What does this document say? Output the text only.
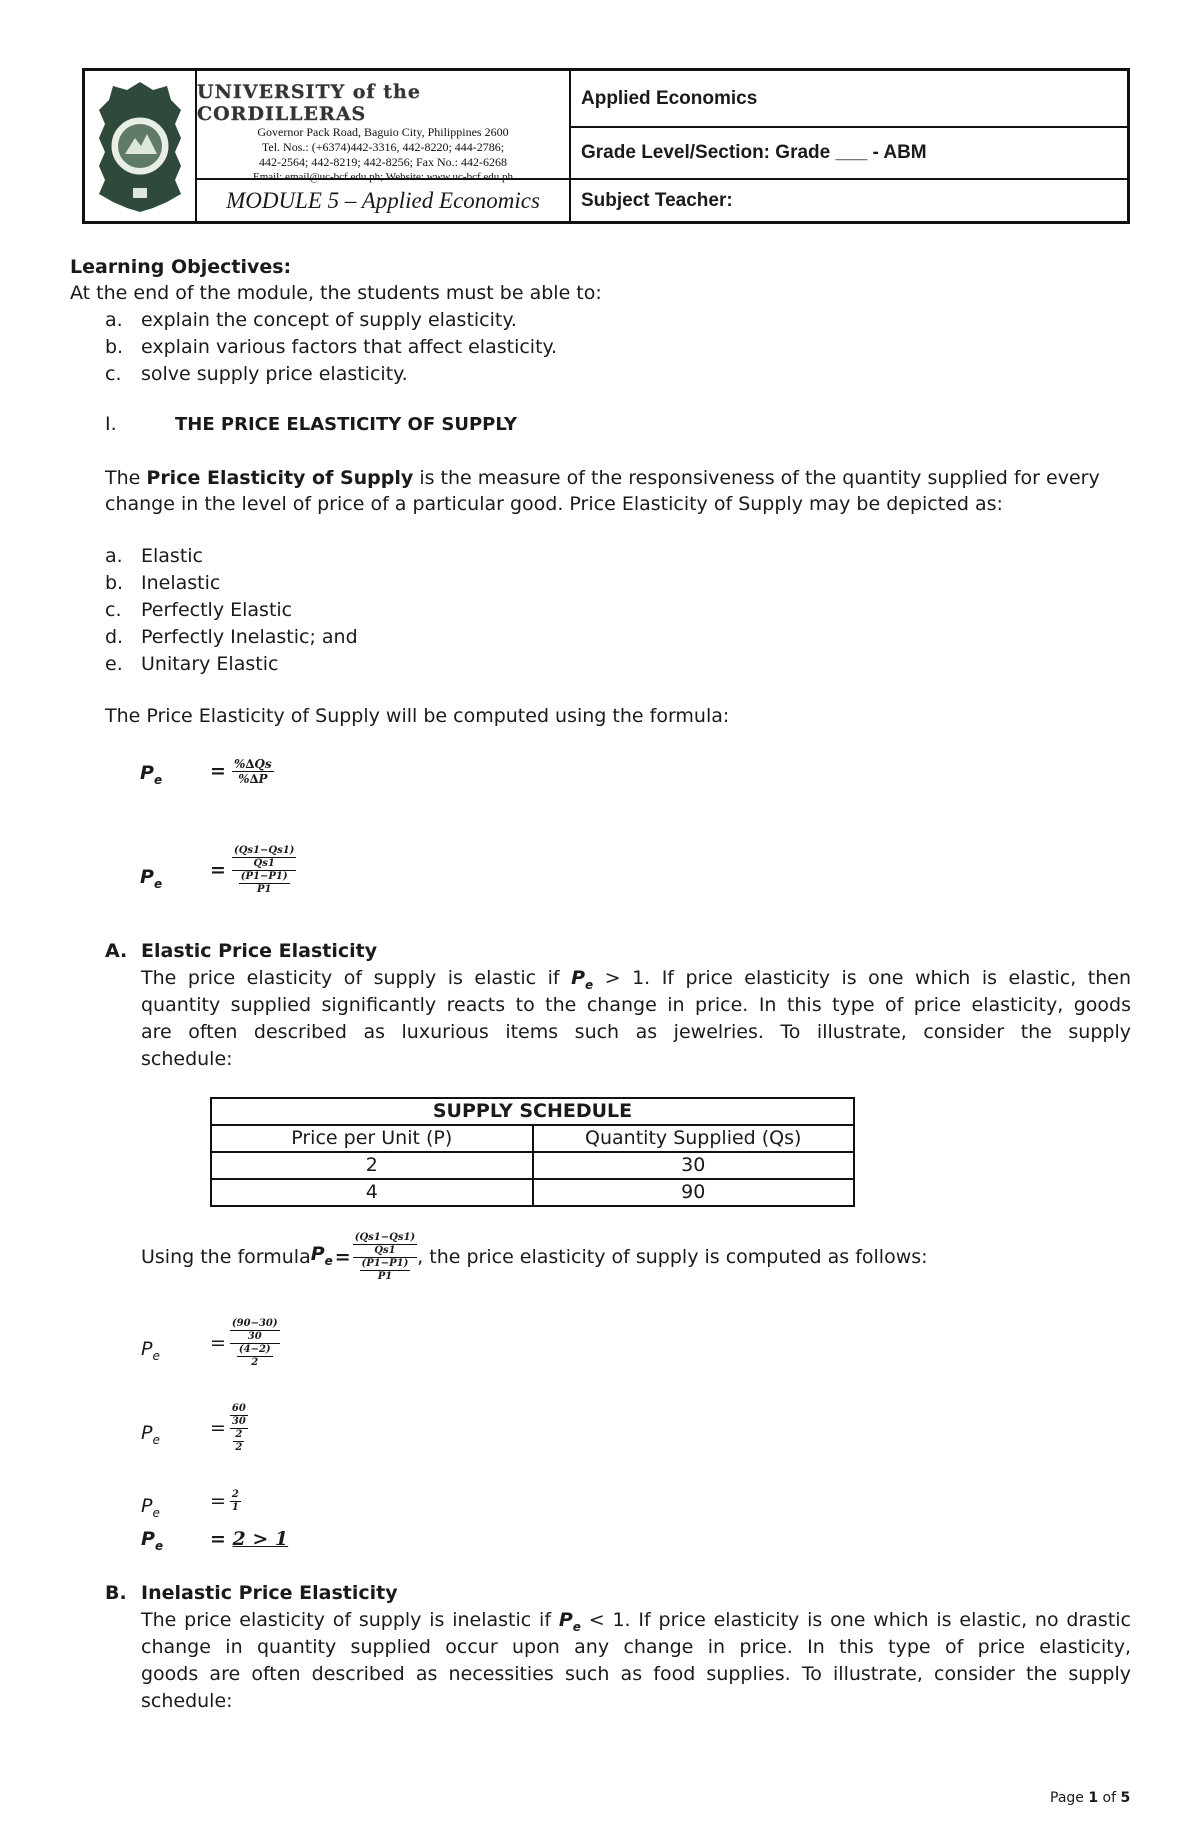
UNIVERSITY of the CORDILLERAS
Governor Pack Road, Baguio City, Philippines 2600
Tel. Nos.: (+6374)442-3316, 442-8220; 444-2786;
442-2564; 442-8219; 442-8256; Fax No.: 442-6268
Email: email@uc-bcf.edu.ph; Website: www.uc-bcf.edu.ph
MODULE 5 – Applied Economics
Applied Economics
Grade Level/Section: Grade ___ - ABM
Subject Teacher:
Learning Objectives:
At the end of the module, the students must be able to:
a. explain the concept of supply elasticity.
b. explain various factors that affect elasticity.
c. solve supply price elasticity.
I.	THE PRICE ELASTICITY OF SUPPLY
The Price Elasticity of Supply is the measure of the responsiveness of the quantity supplied for every
change in the level of price of a particular good. Price Elasticity of Supply may be depicted as:
a. Elastic
b. Inelastic
c. Perfectly Elastic
d. Perfectly Inelastic; and
e. Unitary Elastic
The Price Elasticity of Supply will be computed using the formula:
$P_e$	= $\frac{\%\Delta Qs}{\%\Delta P}$
$P_e$
= $\frac{\frac{(Qs1-Qs1)}{Qs1}}{\frac{(P1-P1)}{P1}}$
A. Elastic Price Elasticity
The price elasticity of supply is elastic if $P_e > 1$. If price elasticity is one which is elastic, then
quantity supplied significantly reacts to the change in price. In this type of price elasticity, goods
are often described as luxurious items such as jewelries. To illustrate, consider the supply
schedule:
SUPPLY SCHEDULE	
Price per Unit (P)	Quantity Supplied (Qs)
2	30
4	90
Using the formula $P_e = \frac{\frac{(Qs1-Qs1)}{Qs1}}{\frac{(P1-P1)}{P1}}$ , the price elasticity of supply is computed as follows:
$P_e$
= $\frac{\frac{(90-30)}{30}}{\frac{(4-2)}{2}}$
$P_e$
= $\frac{\frac{60}{30}}{\frac{2}{2}}$
$P_e$
= $\frac{2}{1}$
$P_e = 2 > 1$
B. Inelastic Price Elasticity
The price elasticity of supply is inelastic if $P_e < 1$. If price elasticity is one which is elastic, no drastic
change in quantity supplied occur upon any change in price. In this type of price elasticity,
goods are often described as necessities such as food supplies. To illustrate, consider the supply
schedule:
Page 1 of 5
